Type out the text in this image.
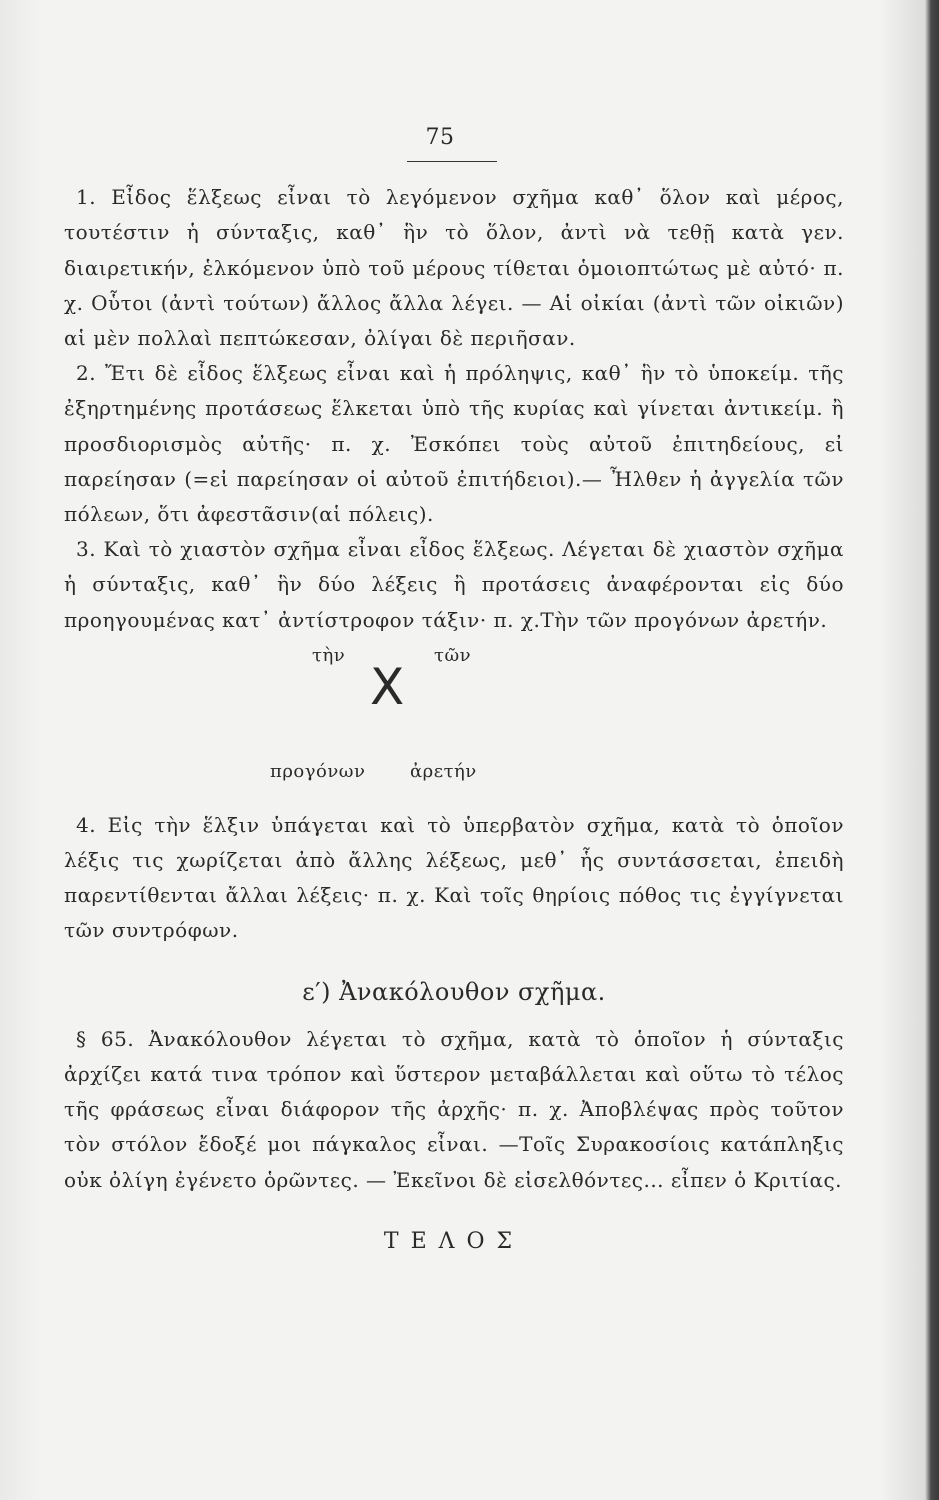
75

1. Εἶδος ἕλξεως εἶναι τὸ λεγόμενον σχῆμα καθ᾽ ὅλον καὶ μέρος, τουτέστιν ἡ σύνταξις, καθ᾽ ἣν τὸ ὅλον, ἀντὶ νὰ τεθῇ κατὰ γεν. διαιρετικήν, ἑλκόμενον ὑπὸ τοῦ μέρους τίθεται ὁμοιοπτώτως μὲ αὐτό· π. χ. Οὗτοι (ἀντὶ τούτων) ἄλλος ἄλλα λέγει. — Αἱ οἰκίαι (ἀντὶ τῶν οἰκιῶν) αἱ μὲν πολλαὶ πεπτώκεσαν, ὀλίγαι δὲ περιῆσαν.

2. Ἔτι δὲ εἶδος ἕλξεως εἶναι καὶ ἡ πρόληψις, καθ᾽ ἣν τὸ ὑποκείμ. τῆς ἐξηρτημένης προτάσεως ἕλκεται ὑπὸ τῆς κυρίας καὶ γίνεται ἀντικείμ. ἢ προσδιορισμὸς αὐτῆς· π. χ. Ἐσκόπει τοὺς αὐτοῦ ἐπιτηδείους, εἰ παρείησαν (=εἰ παρείησαν οἱ αὐτοῦ ἐπιτήδειοι).— Ἦλθεν ἡ ἀγγελία τῶν πόλεων, ὅτι ἀφεστᾶσιν(αἱ πόλεις).

3. Καὶ τὸ χιαστὸν σχῆμα εἶναι εἶδος ἕλξεως. Λέγεται δὲ χιαστὸν σχῆμα ἡ σύνταξις, καθ᾽ ἣν δύο λέξεις ἢ προτάσεις ἀναφέρονται εἰς δύο προηγουμένας κατ᾽ ἀντίστροφον τάξιν· π. χ.Τὴν τῶν προγόνων ἀρετήν.

τὴν	τῶν
X
προγόνων ἀρετήν

4. Εἰς τὴν ἕλξιν ὑπάγεται καὶ τὸ ὑπερβατὸν σχῆμα, κατὰ τὸ ὁποῖον λέξις τις χωρίζεται ἀπὸ ἄλλης λέξεως, μεθ᾽ ἧς συντάσσεται, ἐπειδὴ παρεντίθενται ἄλλαι λέξεις· π. χ. Καὶ τοῖς θηρίοις πόθος τις ἐγγίγνεται τῶν συντρόφων.

ε′) Ἀνακόλουθον σχῆμα.

§ 65. Ἀνακόλουθον λέγεται τὸ σχῆμα, κατὰ τὸ ὁποῖον ἡ σύνταξις ἀρχίζει κατά τινα τρόπον καὶ ὕστερον μεταβάλλεται καὶ οὕτω τὸ τέλος τῆς φράσεως εἶναι διάφορον τῆς ἀρχῆς· π. χ. Ἀποβλέψας πρὸς τοῦτον τὸν στόλον ἔδοξέ μοι πάγκαλος εἶναι. —Τοῖς Συρακοσίοις κατάπληξις οὐκ ὀλίγη ἐγένετο ὁρῶντες. — Ἐκεῖνοι δὲ εἰσελθόντες... εἶπεν ὁ Κριτίας.

ΤΕΛΟΣ
